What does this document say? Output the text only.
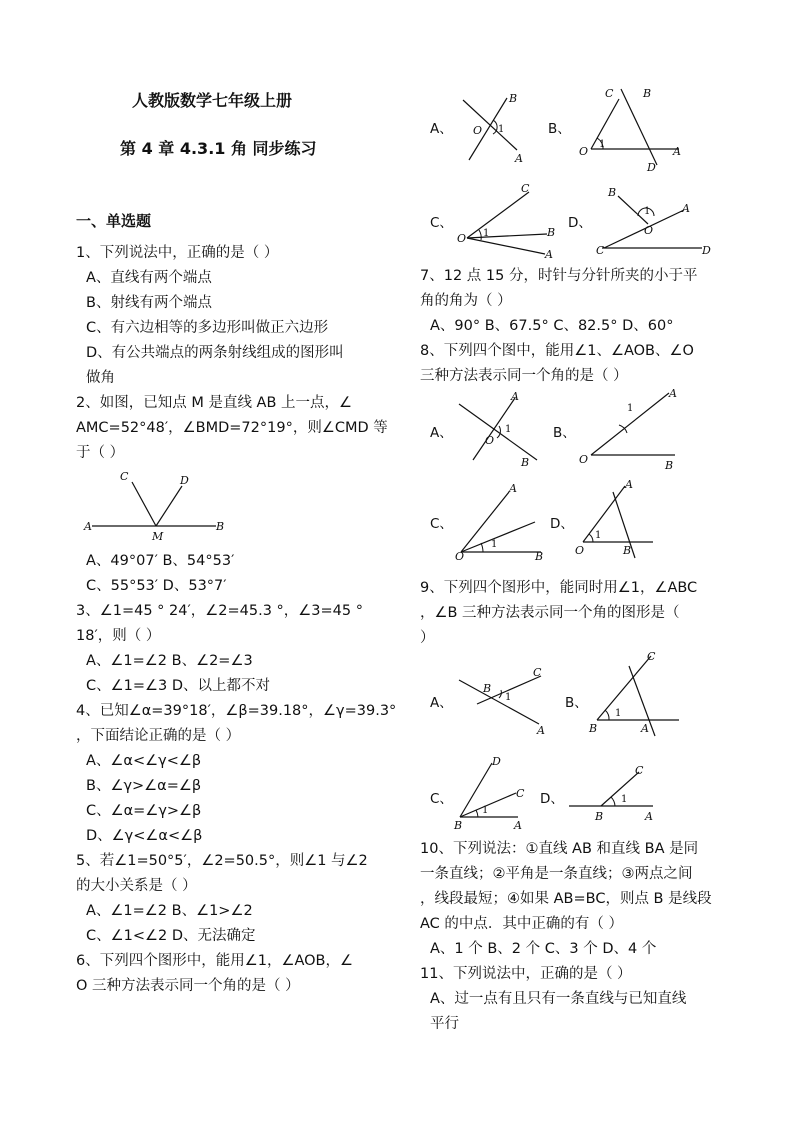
人教版数学七年级上册
第 4 章 4.3.1 角 同步练习
一、单选题
1、下列说法中，正确的是（ ）
A、直线有两个端点
B、射线有两个端点
C、有六边相等的多边形叫做正六边形
D、有公共端点的两条射线组成的图形叫
做角
2、如图，已知点 M 是直线 AB 上一点，∠
AMC=52°48′，∠BMD=72°19°，则∠CMD 等
于（ ）
A	B
C	D
M
A、49°07′ B、54°53′
C、55°53′ D、53°7′
3、∠1=45 ° 24′，∠2=45.3 °，∠3=45 °
18′，则（ ）
A、∠1=∠2 B、∠2=∠3
C、∠1=∠3 D、以上都不对
4、已知∠α=39°18′，∠β=39.18°，∠γ=39.3°
，下面结论正确的是（ ）
A、∠α<∠γ<∠β
B、∠γ>∠α=∠β
C、∠α=∠γ>∠β
D、∠γ<∠α<∠β
5、若∠1=50°5′，∠2=50.5°，则∠1 与∠2
的大小关系是（ ）
A、∠1=∠2 B、∠1>∠2
C、∠1<∠2 D、无法确定
6、下列四个图形中，能用∠1，∠AOB，∠
O 三种方法表示同一个角的是（ ）
A、
B
A
O 1	B、
C	B
O	A
D
1
C、
C
B
A
O 1
D、
B
A
O
C	D
1
7、12 点 15 分，时针与分针所夹的小于平
角的角为（ ）
A、90° B、67.5° C、82.5° D、60°
8、下列四个图中，能用∠1、∠AOB、∠O
三种方法表示同一个角的是（ ）
A、
A
B
O
1	B、
A
O	B
1
C、
A
O	B
1
D、
A
O	B
1
9、下列四个图形中，能同时用∠1，∠ABC
，∠B 三种方法表示同一个角的图形是（
）
A、
C
B
A
1	B、
C
B	A
1
C、
D
C
B	A
1
D、
C
B	A
1
10、下列说法：①直线 AB 和直线 BA 是同
一条直线；②平角是一条直线；③两点之间
，线段最短；④如果 AB=BC，则点 B 是线段
AC 的中点．其中正确的有（ ）
A、1 个 B、2 个 C、3 个 D、4 个
11、下列说法中，正确的是（ ）
A、过一点有且只有一条直线与已知直线
平行
